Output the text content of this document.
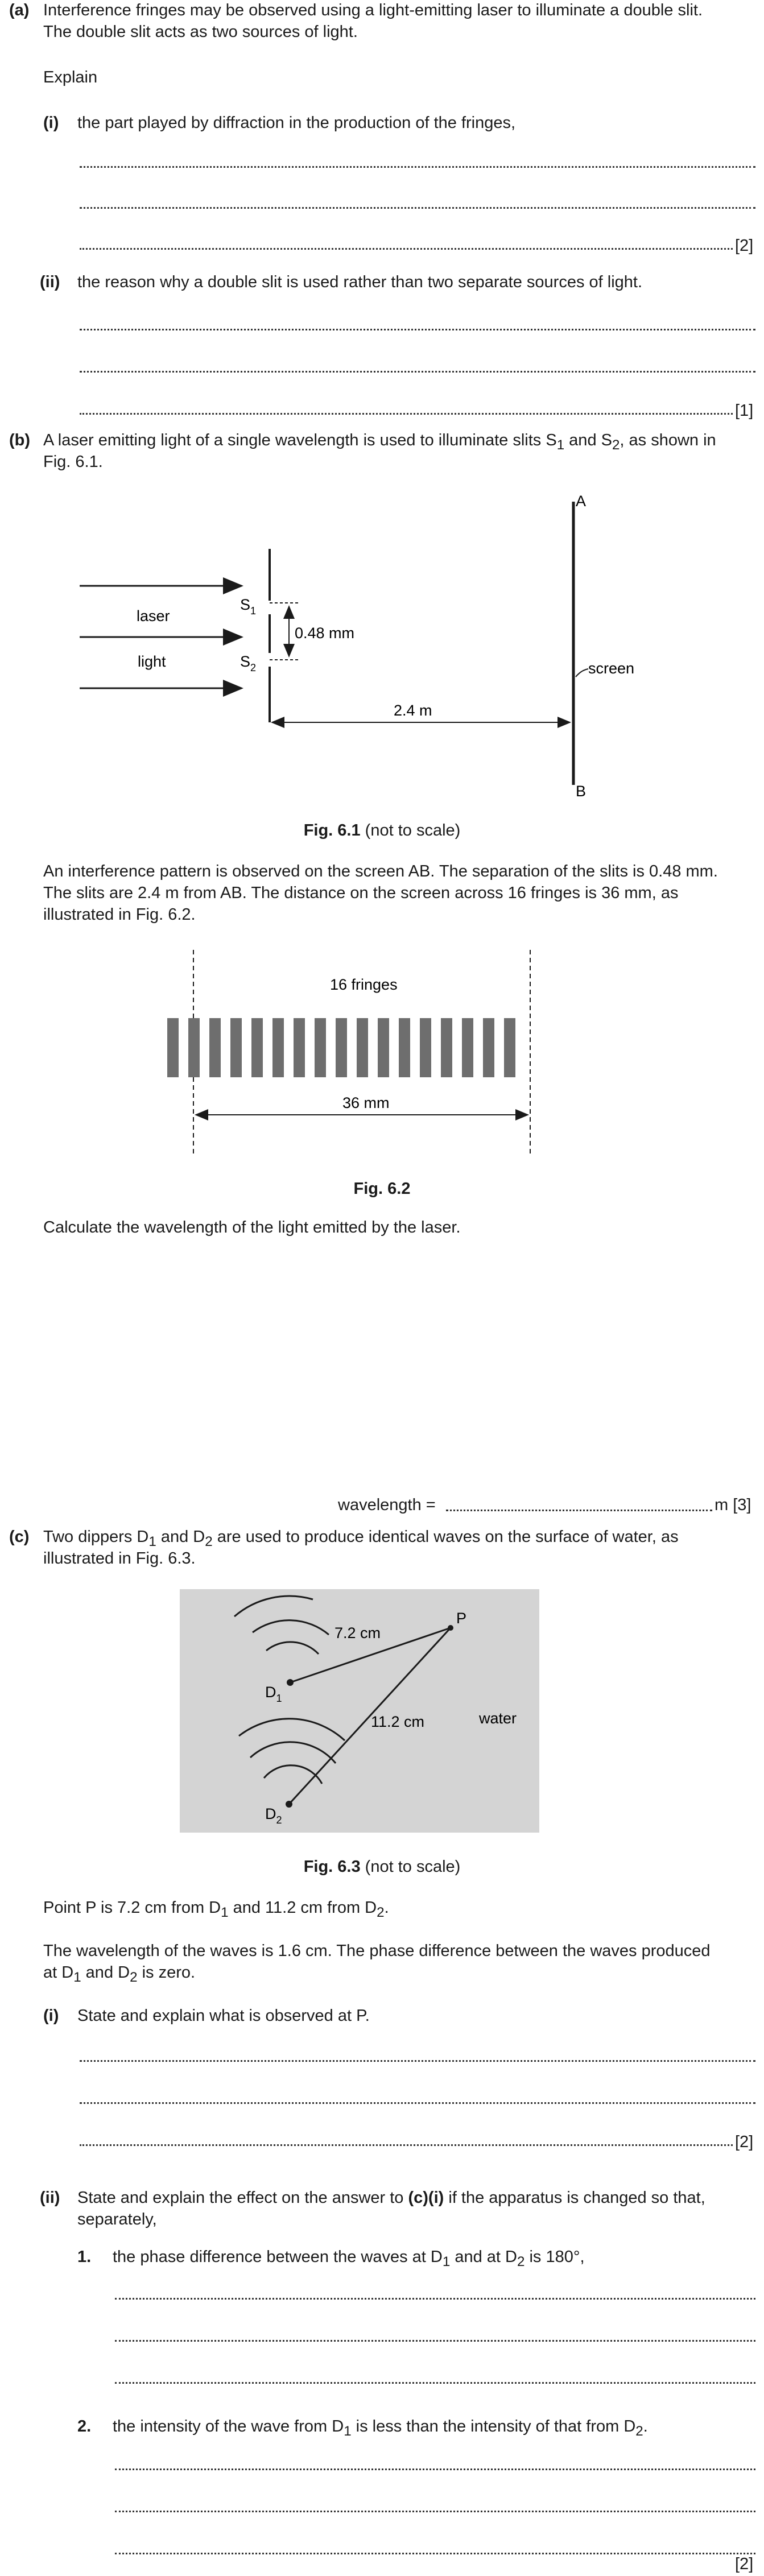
(a) Interference fringes may be observed using a light-emitting laser to illuminate a double slit.
The double slit acts as two sources of light.
Explain
(i) the part played by diffraction in the production of the fringes,
[2]
(ii) the reason why a double slit is used rather than two separate sources of light.
[1]
(b) A laser emitting light of a single wavelength is used to illuminate slits $S_1$ and $S_2$, as shown in
Fig. 6.1.
laser
light
$S_1$
$S_2$
0.48 mm
2.4 m
A
B
screen
Fig. 6.1 (not to scale)
An interference pattern is observed on the screen AB. The separation of the slits is 0.48 mm.
The slits are 2.4 m from AB. The distance on the screen across 16 fringes is 36 mm, as
illustrated in Fig. 6.2.
16 fringes
36 mm
Fig. 6.2
Calculate the wavelength of the light emitted by the laser.
wavelength =	m [3]
(c) Two dippers $D_1$ and $D_2$ are used to produce identical waves on the surface of water, as
illustrated in Fig. 6.3.
P
$D_1$
$D_2$
7.2 cm
11.2 cm	water
Fig. 6.3 (not to scale)
Point P is 7.2 cm from $D_1$ and 11.2 cm from $D_2$.
The wavelength of the waves is 1.6 cm. The phase difference between the waves produced
at $D_1$ and $D_2$ is zero.
(i) State and explain what is observed at P.
[2]
(ii) State and explain the effect on the answer to (c)(i) if the apparatus is changed so that,
separately,
1. the phase difference between the waves at $D_1$ and at $D_2$ is 180°,
2. the intensity of the wave from $D_1$ is less than the intensity of that from $D_2$.
[2]
